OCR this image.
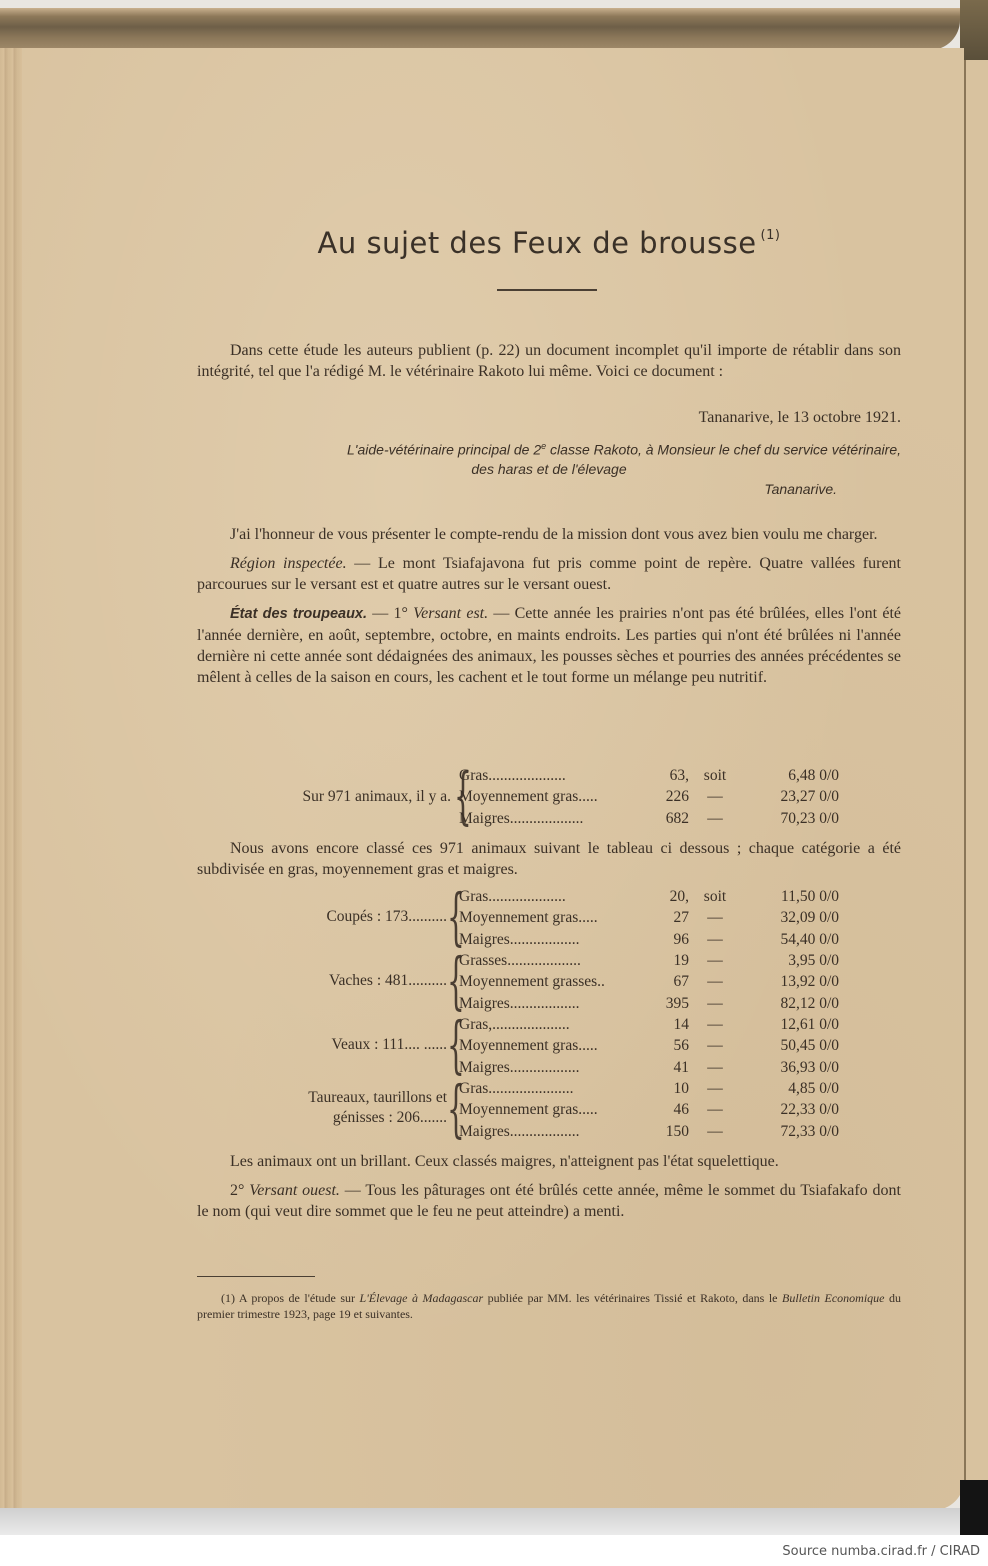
Au sujet des Feux de brousse $^{(1)}$

Dans cette étude les auteurs publient (p. 22) un document incomplet qu'il importe de rétablir dans son intégrité, tel que l'a rédigé M. le vétérinaire Rakoto lui même. Voici ce document :

Tananarive, le 13 octobre 1921.
L'aide-vétérinaire principal de 2e classe Rakoto, à Monsieur le chef du service vétérinaire,
des haras et de l'élevage
Tananarive.

J'ai l'honneur de vous présenter le compte-rendu de la mission dont vous avez bien voulu me charger.

Région inspectée. — Le mont Tsiafajavona fut pris comme point de repère. Quatre vallées furent parcourues sur le versant est et quatre autres sur le versant ouest.

État des troupeaux. — 1° Versant est. — Cette année les prairies n'ont pas été brûlées, elles l'ont été l'année dernière, en août, septembre, octobre, en maints endroits. Les parties qui n'ont été brûlées ni l'année dernière ni cette année sont dédaignées des animaux, les pousses sèches et pourries des années précédentes se mêlent à celles de la saison en cours, les cachent et le tout forme un mélange peu nutritif.

Sur 971 animaux, il y a. {
Gras....................	63, soit	6,48 0/0
Moyennement gras.....	226	—	23,27 0/0
Maigres...................	682	—	70,23 0/0

Nous avons encore classé ces 971 animaux suivant le tableau ci dessous ; chaque catégorie a été subdivisée en gras, moyennement gras et maigres.

Coupés : 173.......... {
Gras....................	20, soit	11,50 0/0
Moyennement gras.....	27	—	32,09 0/0
Maigres..................	96	—	54,40 0/0
Vaches : 481.......... {
Grasses...................	19	—	3,95 0/0
Moyennement grasses..	67	—	13,92 0/0
Maigres..................	395	—	82,12 0/0
Veaux : 111.... ...... {
Gras,....................	14	—	12,61 0/0
Moyennement gras.....	56	—	50,45 0/0
Maigres..................	41	—	36,93 0/0
Taureaux, taurillons et
génisses : 206....... {
Gras......................	10	—	4,85 0/0
Moyennement gras.....	46	—	22,33 0/0
Maigres..................	150	—	72,33 0/0

Les animaux ont un brillant. Ceux classés maigres, n'atteignent pas l'état squelettique.

2° Versant ouest. — Tous les pâturages ont été brûlés cette année, même le sommet du Tsiafakafo dont le nom (qui veut dire sommet que le feu ne peut atteindre) a menti.

(1) A propos de l'étude sur L'Élevage à Madagascar publiée par MM. les vétérinaires Tissié et Rakoto, dans le Bulletin Economique du premier trimestre 1923, page 19 et suivantes.

Source numba.cirad.fr / CIRAD
